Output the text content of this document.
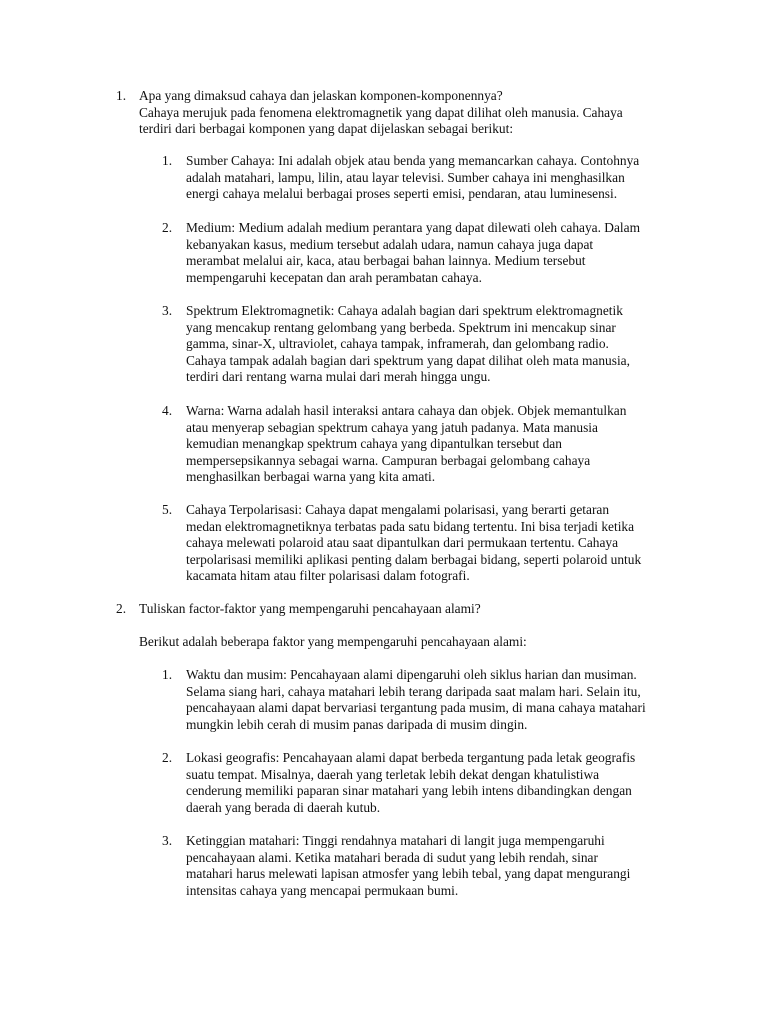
1. Apa yang dimaksud cahaya dan jelaskan komponen-komponennya?
Cahaya merujuk pada fenomena elektromagnetik yang dapat dilihat oleh manusia. Cahaya
terdiri dari berbagai komponen yang dapat dijelaskan sebagai berikut:
1.	Sumber Cahaya: Ini adalah objek atau benda yang memancarkan cahaya. Contohnya
adalah matahari, lampu, lilin, atau layar televisi. Sumber cahaya ini menghasilkan
energi cahaya melalui berbagai proses seperti emisi, pendaran, atau luminesensi.
2.	Medium: Medium adalah medium perantara yang dapat dilewati oleh cahaya. Dalam
kebanyakan kasus, medium tersebut adalah udara, namun cahaya juga dapat
merambat melalui air, kaca, atau berbagai bahan lainnya. Medium tersebut
mempengaruhi kecepatan dan arah perambatan cahaya.
3.	Spektrum Elektromagnetik: Cahaya adalah bagian dari spektrum elektromagnetik
yang mencakup rentang gelombang yang berbeda. Spektrum ini mencakup sinar
gamma, sinar-X, ultraviolet, cahaya tampak, inframerah, dan gelombang radio.
Cahaya tampak adalah bagian dari spektrum yang dapat dilihat oleh mata manusia,
terdiri dari rentang warna mulai dari merah hingga ungu.
4.	Warna: Warna adalah hasil interaksi antara cahaya dan objek. Objek memantulkan
atau menyerap sebagian spektrum cahaya yang jatuh padanya. Mata manusia
kemudian menangkap spektrum cahaya yang dipantulkan tersebut dan
mempersepsikannya sebagai warna. Campuran berbagai gelombang cahaya
menghasilkan berbagai warna yang kita amati.
5.	Cahaya Terpolarisasi: Cahaya dapat mengalami polarisasi, yang berarti getaran
medan elektromagnetiknya terbatas pada satu bidang tertentu. Ini bisa terjadi ketika
cahaya melewati polaroid atau saat dipantulkan dari permukaan tertentu. Cahaya
terpolarisasi memiliki aplikasi penting dalam berbagai bidang, seperti polaroid untuk
kacamata hitam atau filter polarisasi dalam fotografi.
2. Tuliskan factor-faktor yang mempengaruhi pencahayaan alami?
Berikut adalah beberapa faktor yang mempengaruhi pencahayaan alami:
1.	Waktu dan musim: Pencahayaan alami dipengaruhi oleh siklus harian dan musiman.
Selama siang hari, cahaya matahari lebih terang daripada saat malam hari. Selain itu,
pencahayaan alami dapat bervariasi tergantung pada musim, di mana cahaya matahari
mungkin lebih cerah di musim panas daripada di musim dingin.
2.	Lokasi geografis: Pencahayaan alami dapat berbeda tergantung pada letak geografis
suatu tempat. Misalnya, daerah yang terletak lebih dekat dengan khatulistiwa
cenderung memiliki paparan sinar matahari yang lebih intens dibandingkan dengan
daerah yang berada di daerah kutub.
3.	Ketinggian matahari: Tinggi rendahnya matahari di langit juga mempengaruhi
pencahayaan alami. Ketika matahari berada di sudut yang lebih rendah, sinar
matahari harus melewati lapisan atmosfer yang lebih tebal, yang dapat mengurangi
intensitas cahaya yang mencapai permukaan bumi.
